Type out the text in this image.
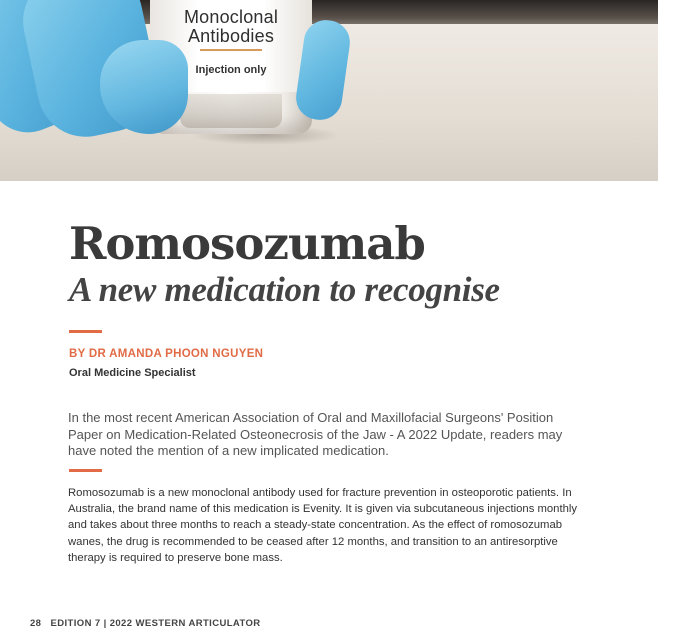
Monoclonal
Antibodies
Injection only
Romosozumab
A new medication to recognise
BY DR AMANDA PHOON NGUYEN
Oral Medicine Specialist

In the most recent American Association of Oral and Maxillofacial Surgeons' Position Paper on Medication-Related Osteonecrosis of the Jaw - A 2022 Update, readers may have noted the mention of a new implicated medication.

Romosozumab is a new monoclonal antibody used for fracture prevention in osteoporotic patients. In Australia, the brand name of this medication is Evenity. It is given via subcutaneous injections monthly and takes about three months to reach a steady-state concentration. As the effect of romosozumab wanes, the drug is recommended to be ceased after 12 months, and transition to an antiresorptive therapy is required to preserve bone mass.

28 EDITION 7 | 2022 WESTERN ARTICULATOR
